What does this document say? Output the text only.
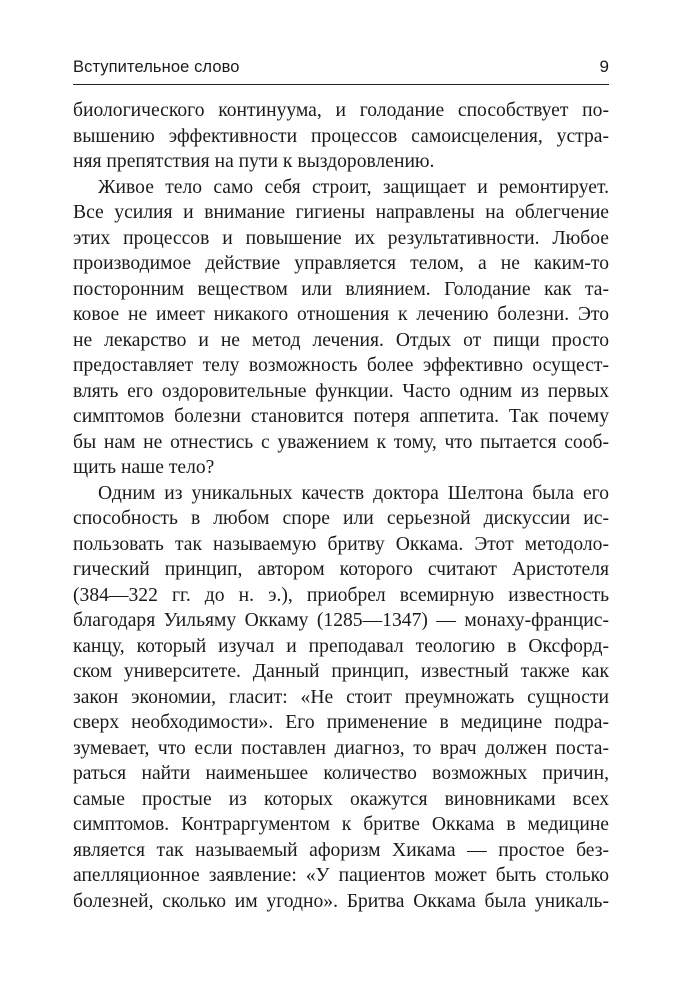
Вступительное слово	9
биологического континуума, и голодание способствует по-
вышению эффективности процессов самоисцеления, устра-
няя препятствия на пути к выздоровлению.
Живое тело само себя строит, защищает и ремонтирует.
Все усилия и внимание гигиены направлены на облегчение
этих процессов и повышение их результативности. Любое
производимое действие управляется телом, а не каким-то
посторонним веществом или влиянием. Голодание как та-
ковое не имеет никакого отношения к лечению болезни. Это
не лекарство и не метод лечения. Отдых от пищи просто
предоставляет телу возможность более эффективно осущест-
влять его оздоровительные функции. Часто одним из первых
симптомов болезни становится потеря аппетита. Так почему
бы нам не отнестись с уважением к тому, что пытается сооб-
щить наше тело?
Одним из уникальных качеств доктора Шелтона была его
способность в любом споре или серьезной дискуссии ис-
пользовать так называемую бритву Оккама. Этот методоло-
гический принцип, автором которого считают Аристотеля
(384—322 гг. до н. э.), приобрел всемирную известность
благодаря Уильяму Оккаму (1285—1347) — монаху-францис-
канцу, который изучал и преподавал теологию в Оксфорд-
ском университете. Данный принцип, известный также как
закон экономии, гласит: «Не стоит преумножать сущности
сверх необходимости». Его применение в медицине подра-
зумевает, что если поставлен диагноз, то врач должен поста-
раться найти наименьшее количество возможных причин,
самые простые из которых окажутся виновниками всех
симптомов. Контраргументом к бритве Оккама в медицине
является так называемый афоризм Хикама — простое без-
апелляционное заявление: «У пациентов может быть столько
болезней, сколько им угодно». Бритва Оккама была уникаль-
